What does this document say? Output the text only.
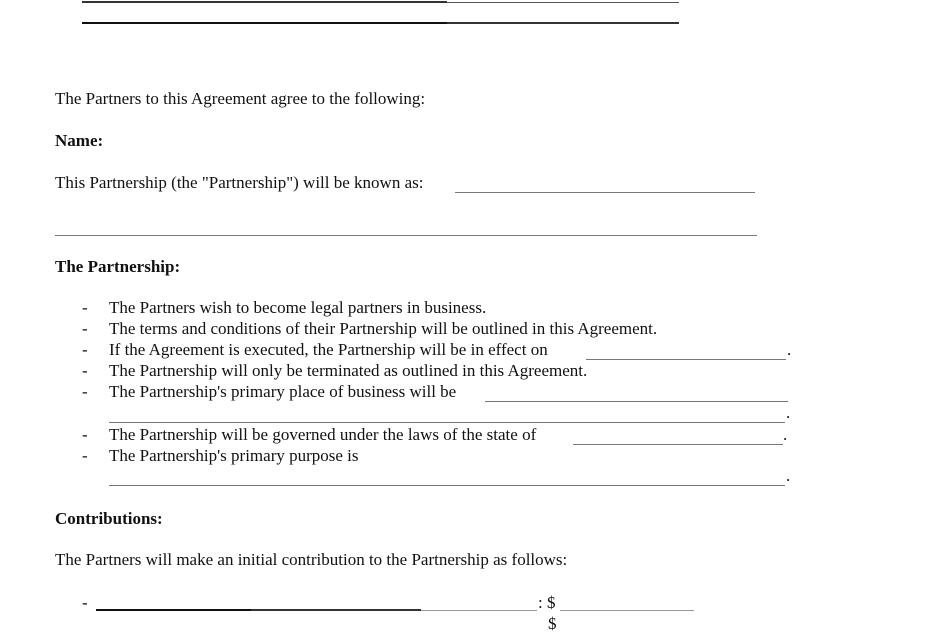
The Partners to this Agreement agree to the following:
Name:
This Partnership (the "Partnership") will be known as:
The Partnership:
- The Partners wish to become legal partners in business.
- The terms and conditions of their Partnership will be outlined in this Agreement.
- If the Agreement is executed, the Partnership will be in effect on	.
- The Partnership will only be terminated as outlined in this Agreement.
- The Partnership's primary place of business will be
.
- The Partnership will be governed under the laws of the state of	.
- The Partnership's primary purpose is
.
Contributions:
The Partners will make an initial contribution to the Partnership as follows:
-	: $
$
